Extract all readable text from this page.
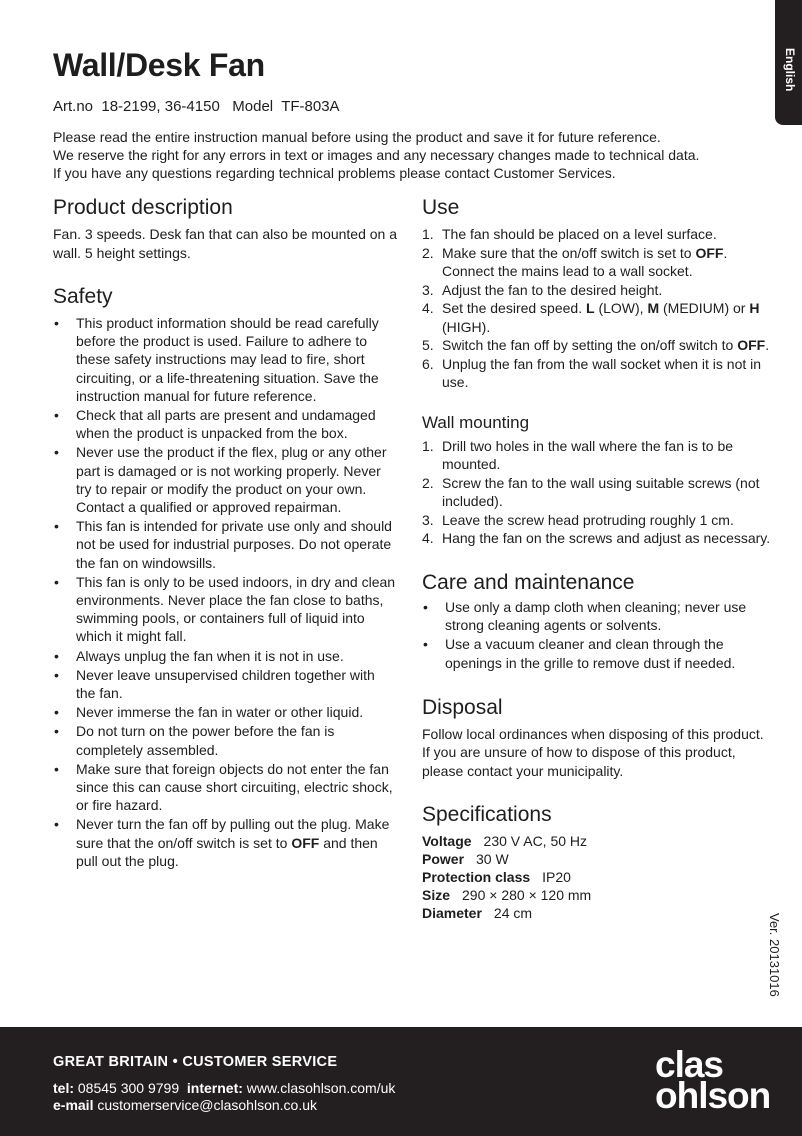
English
Wall/Desk Fan
Art.no  18-2199, 36-4150   Model  TF-803A
Please read the entire instruction manual before using the product and save it for future reference.
We reserve the right for any errors in text or images and any necessary changes made to technical data.
If you have any questions regarding technical problems please contact Customer Services.
Product description

Fan. 3 speeds. Desk fan that can also be mounted on a wall. 5 height settings.

Safety
• This product information should be read carefully before the product is used. Failure to adhere to these safety instructions may lead to fire, short circuiting, or a life-threatening situation. Save the instruction manual for future reference.
• Check that all parts are present and undamaged when the product is unpacked from the box.
• Never use the product if the flex, plug or any other part is damaged or is not working properly. Never try to repair or modify the product on your own. Contact a qualified or approved repairman.
• This fan is intended for private use only and should not be used for industrial purposes. Do not operate the fan on windowsills.
• This fan is only to be used indoors, in dry and clean environments. Never place the fan close to baths, swimming pools, or containers full of liquid into which it might fall.
• Always unplug the fan when it is not in use.
• Never leave unsupervised children together with the fan.
• Never immerse the fan in water or other liquid.
• Do not turn on the power before the fan is completely assembled.
• Make sure that foreign objects do not enter the fan since this can cause short circuiting, electric shock, or fire hazard.
• Never turn the fan off by pulling out the plug. Make sure that the on/off switch is set to OFF and then pull out the plug.
Use
1. The fan should be placed on a level surface.
2. Make sure that the on/off switch is set to OFF. Connect the mains lead to a wall socket.
3. Adjust the fan to the desired height.
4. Set the desired speed. L (LOW), M (MEDIUM) or H (HIGH).
5. Switch the fan off by setting the on/off switch to OFF.
6. Unplug the fan from the wall socket when it is not in use.
Wall mounting
1. Drill two holes in the wall where the fan is to be mounted.
2. Screw the fan to the wall using suitable screws (not included).
3. Leave the screw head protruding roughly 1 cm.
4. Hang the fan on the screws and adjust as necessary.
Care and maintenance
• Use only a damp cloth when cleaning; never use strong cleaning agents or solvents.
• Use a vacuum cleaner and clean through the openings in the grille to remove dust if needed.
Disposal

Follow local ordinances when disposing of this product. If you are unsure of how to dispose of this product, please contact your municipality.

Specifications
Voltage 230 V AC, 50 Hz
Power 30 W
Protection class IP20
Size 290 × 280 × 120 mm
Diameter 24 cm	Ver. 20131016
GREAT BRITAIN • CUSTOMER SERVICE
tel: 08545 300 9799 internet: www.clasohlson.com/uk
e-mail customerservice@clasohlson.co.uk
clas
ohlson
